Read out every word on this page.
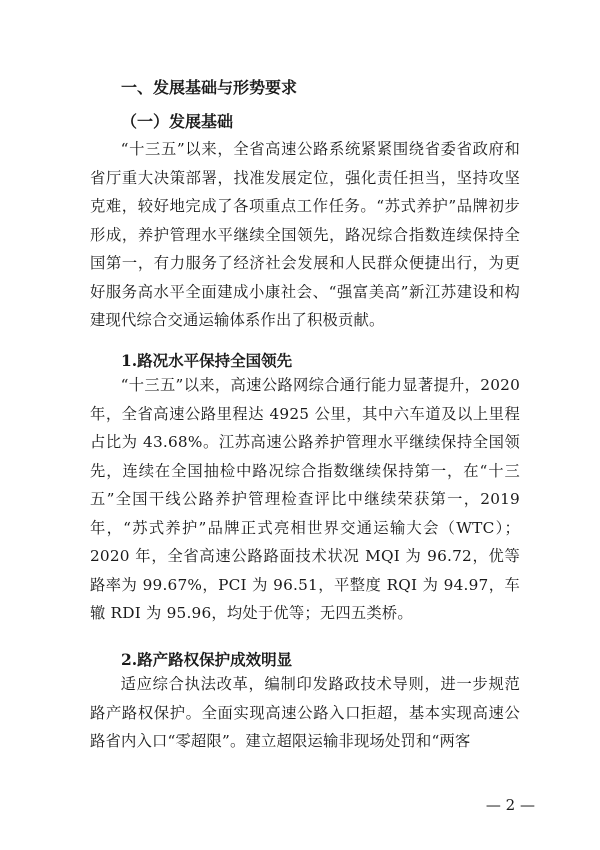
一、发展基础与形势要求
（一）发展基础

“十三五”以来，全省高速公路系统紧紧围绕省委省政府和省厅重大决策部署，找准发展定位，强化责任担当，坚持攻坚克难，较好地完成了各项重点工作任务。“苏式养护”品牌初步形成，养护管理水平继续全国领先，路况综合指数连续保持全国第一，有力服务了经济社会发展和人民群众便捷出行，为更好服务高水平全面建成小康社会、“强富美高”新江苏建设和构建现代综合交通运输体系作出了积极贡献。

1.路况水平保持全国领先

“十三五”以来，高速公路网综合通行能力显著提升，2020年，全省高速公路里程达 4925 公里，其中六车道及以上里程占比为 43.68%。江苏高速公路养护管理水平继续保持全国领先，连续在全国抽检中路况综合指数继续保持第一，在“十三五”全国干线公路养护管理检查评比中继续荣获第一，2019年，“苏式养护”品牌正式亮相世界交通运输大会（WTC）；2020 年，全省高速公路路面技术状况 MQI 为 96.72，优等路率为 99.67%，PCI 为 96.51，平整度 RQI 为 94.97，车辙 RDI 为 95.96，均处于优等；无四五类桥。

2.路产路权保护成效明显

适应综合执法改革，编制印发路政技术导则，进一步规范路产路权保护。全面实现高速公路入口拒超，基本实现高速公路省内入口“零超限”。建立超限运输非现场处罚和“两客

— 2 —
